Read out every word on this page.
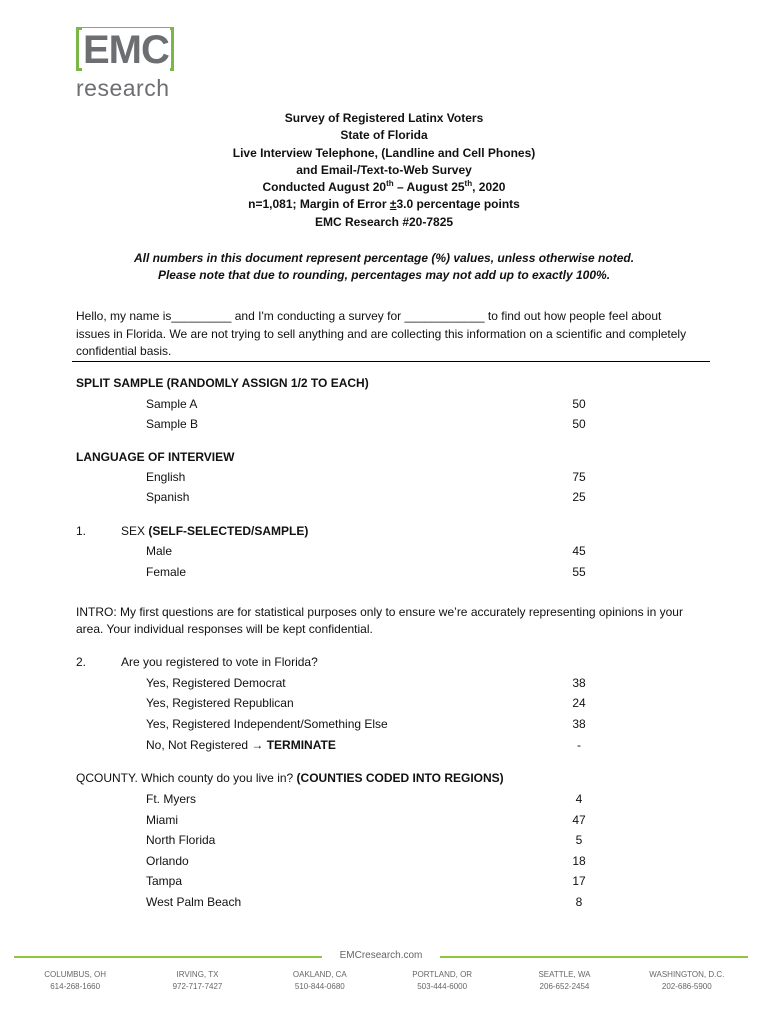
EMC
research
Survey of Registered Latinx Voters
State of Florida
Live Interview Telephone, (Landline and Cell Phones)
and Email-/Text-to-Web Survey
Conducted August 20th – August 25th, 2020
n=1,081; Margin of Error ±3.0 percentage points
EMC Research #20-7825
All numbers in this document represent percentage (%) values, unless otherwise noted.
Please note that due to rounding, percentages may not add up to exactly 100%.
Hello, my name is_________ and I'm conducting a survey for ____________ to find out how people feel about issues in Florida. We are not trying to sell anything and are collecting this information on a scientific and completely confidential basis.
SPLIT SAMPLE (RANDOMLY ASSIGN 1/2 TO EACH)
Sample A	50
Sample B	50
LANGUAGE OF INTERVIEW
English	75
Spanish	25
1.	SEX (SELF-SELECTED/SAMPLE)
Male	45
Female	55
INTRO: My first questions are for statistical purposes only to ensure we’re accurately representing opinions in your area. Your individual responses will be kept confidential.
2.	Are you registered to vote in Florida?
Yes, Registered Democrat	38
Yes, Registered Republican	24
Yes, Registered Independent/Something Else	38
No, Not Registered → TERMINATE	-
QCOUNTY. Which county do you live in? (COUNTIES CODED INTO REGIONS)
Ft. Myers	4
Miami	47
North Florida	5
Orlando	18
Tampa	17
West Palm Beach	8
EMCresearch.com
COLUMBUS, OH
614-268-1660
IRVING, TX
972-717-7427
OAKLAND, CA
510-844-0680
PORTLAND, OR
503-444-6000
SEATTLE, WA
206-652-2454
WASHINGTON, D.C.
202-686-5900
